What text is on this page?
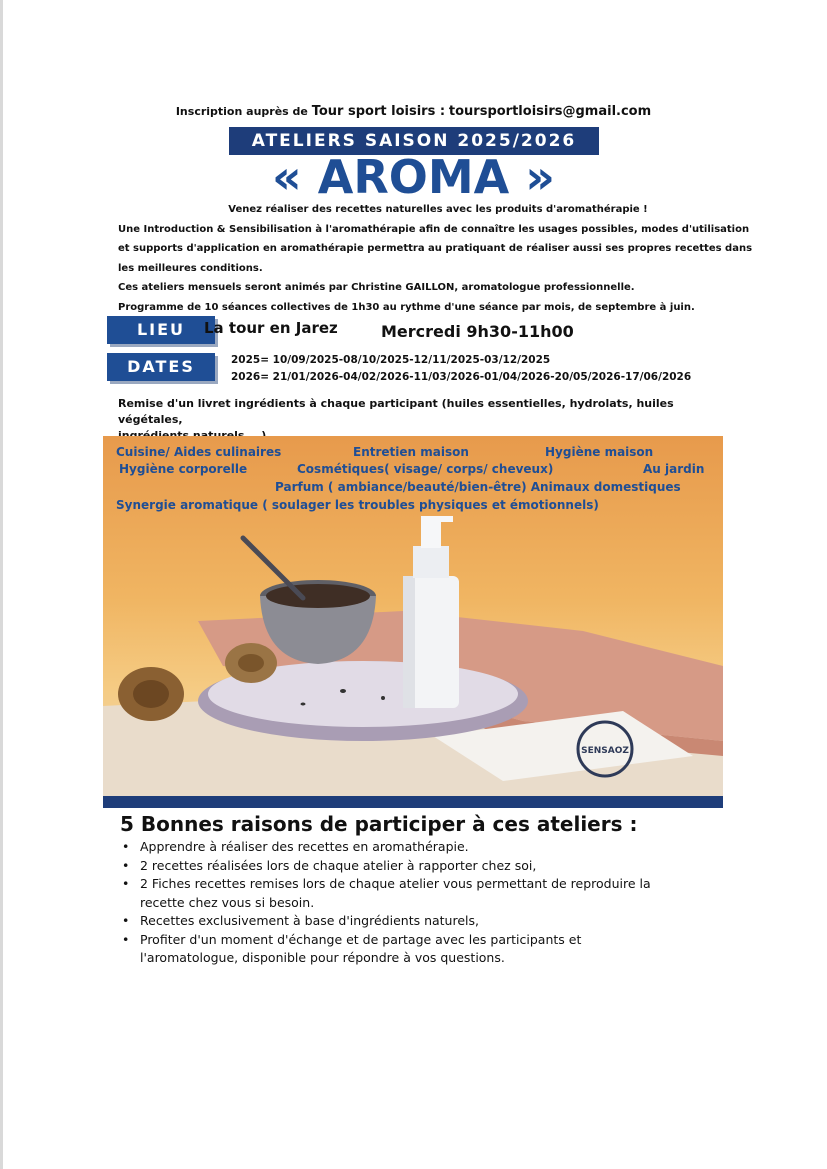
Inscription auprès de Tour sport loisirs : toursportloisirs@gmail.com
ATELIERS SAISON 2025/2026
« AROMA »
Venez réaliser des recettes naturelles avec les produits d'aromathérapie !
Une Introduction & Sensibilisation à l'aromathérapie afin de connaître les usages possibles, modes d'utilisation
et supports d'application en aromathérapie permettra au pratiquant de réaliser aussi ses propres recettes dans
les meilleures conditions.
Ces ateliers mensuels seront animés par Christine GAILLON, aromatologue professionnelle.
Programme de 10 séances collectives de 1h30 au rythme d'une séance par mois, de septembre à juin.
LIEU	La tour en Jarez	Mercredi 9h30-11h00
DATES	2025= 10/09/2025-08/10/2025-12/11/2025-03/12/2025
2026= 21/01/2026-04/02/2026-11/03/2026-01/04/2026-20/05/2026-17/06/2026
Remise d'un livret ingrédients à chaque participant (huiles essentielles, hydrolats, huiles végétales,
SENSAOZ
Cuisine/ Aides culinaires	Entretien maison	Hygiène maison
Hygiène corporelle	Cosmétiques( visage/ corps/ cheveux)	Au jardin
Parfum ( ambiance/beauté/bien-être) Animaux domestiques
Synergie aromatique ( soulager les troubles physiques et émotionnels)
5 Bonnes raisons de participer à ces ateliers :
• Apprendre à réaliser des recettes en aromathérapie.
• 2 recettes réalisées lors de chaque atelier à rapporter chez soi,
• 2 Fiches recettes remises lors de chaque atelier vous permettant de reproduire la recette chez vous si besoin.
• Recettes exclusivement à base d'ingrédients naturels,
• Profiter d'un moment d'échange et de partage avec les participants et l'aromatologue, disponible pour répondre à vos questions.
